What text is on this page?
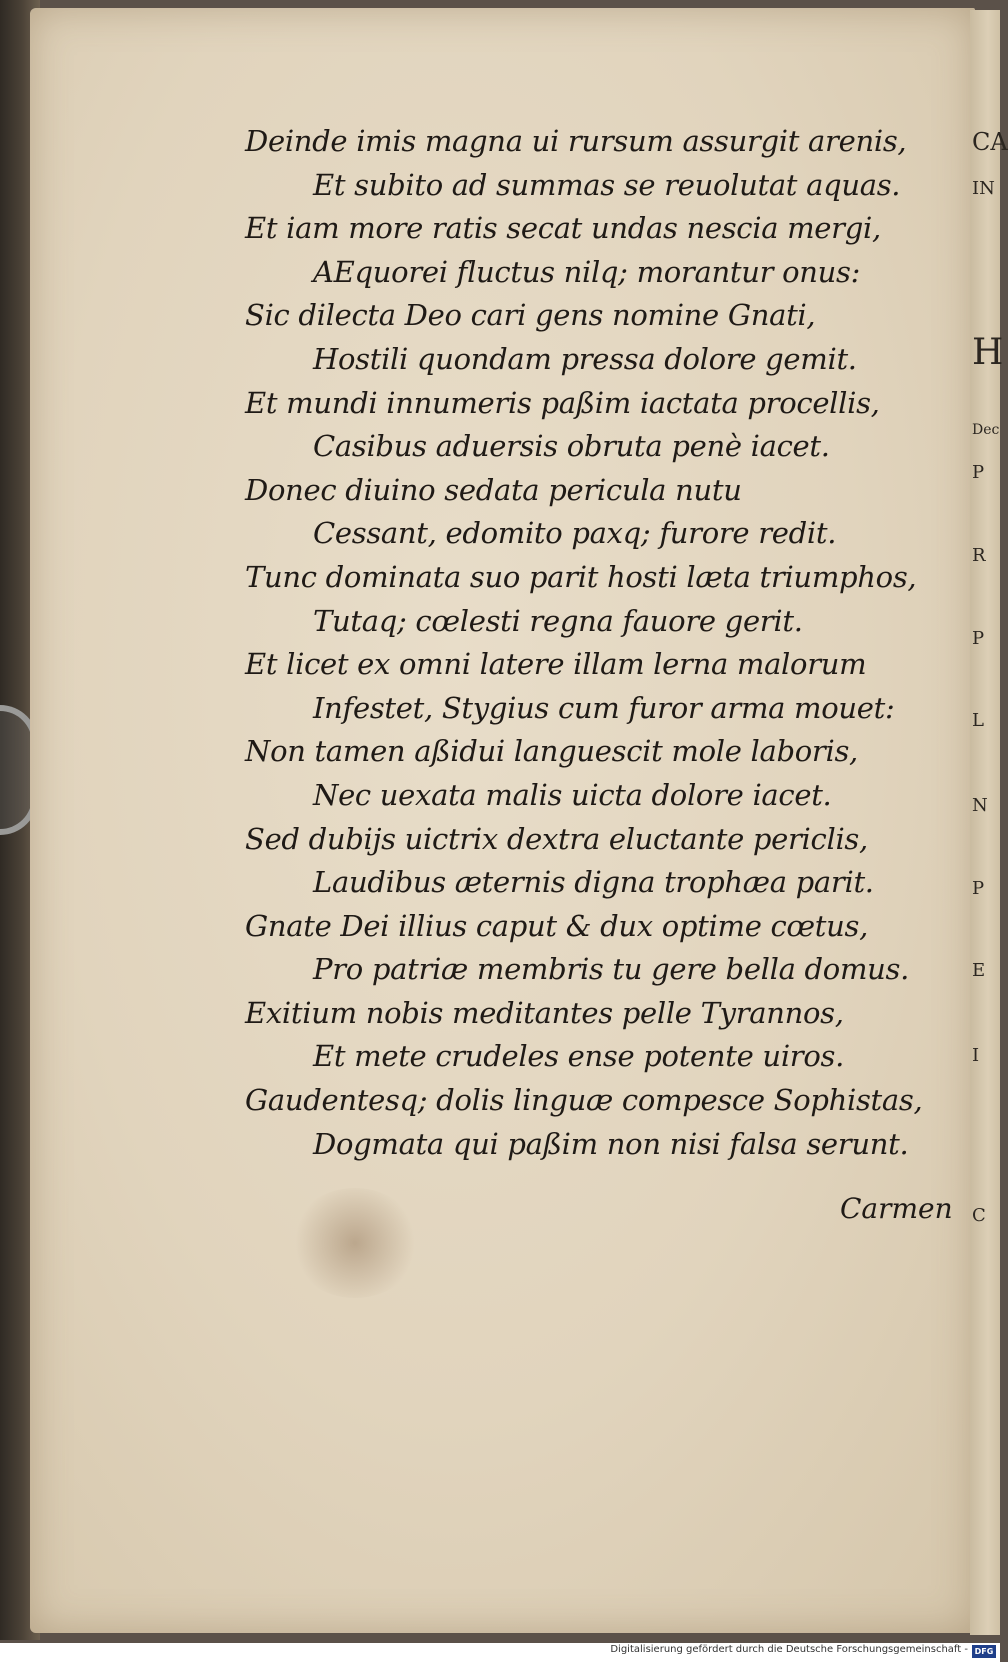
CA
IN
H
Dec
P
R
P
L
N
P
E
I
C
Deinde imis magna ui rursum assurgit arenis,
Et subito ad summas se reuolutat aquas.
Et iam more ratis secat undas nescia mergi,
AEquorei fluctus nilq; morantur onus:
Sic dilecta Deo cari gens nomine Gnati,
Hostili quondam pressa dolore gemit.
Et mundi innumeris paßim iactata procellis,
Casibus aduersis obruta penè iacet.
Donec diuino sedata pericula nutu
Cessant, edomito paxq; furore redit.
Tunc dominata suo parit hosti læta triumphos,
Tutaq; cœlesti regna fauore gerit.
Et licet ex omni latere illam lerna malorum
Infestet, Stygius cum furor arma mouet:
Non tamen aßidui languescit mole laboris,
Nec uexata malis uicta dolore iacet.
Sed dubijs uictrix dextra eluctante periclis,
Laudibus æternis digna trophæa parit.
Gnate Dei illius caput & dux optime cœtus,
Pro patriæ membris tu gere bella domus.
Exitium nobis meditantes pelle Tyrannos,
Et mete crudeles ense potente uiros.
Gaudentesq; dolis linguæ compesce Sophistas,
Dogmata qui paßim non nisi falsa serunt.
Carmen
Digitalisierung gefördert durch die Deutsche Forschungsgemeinschaft - DFG
